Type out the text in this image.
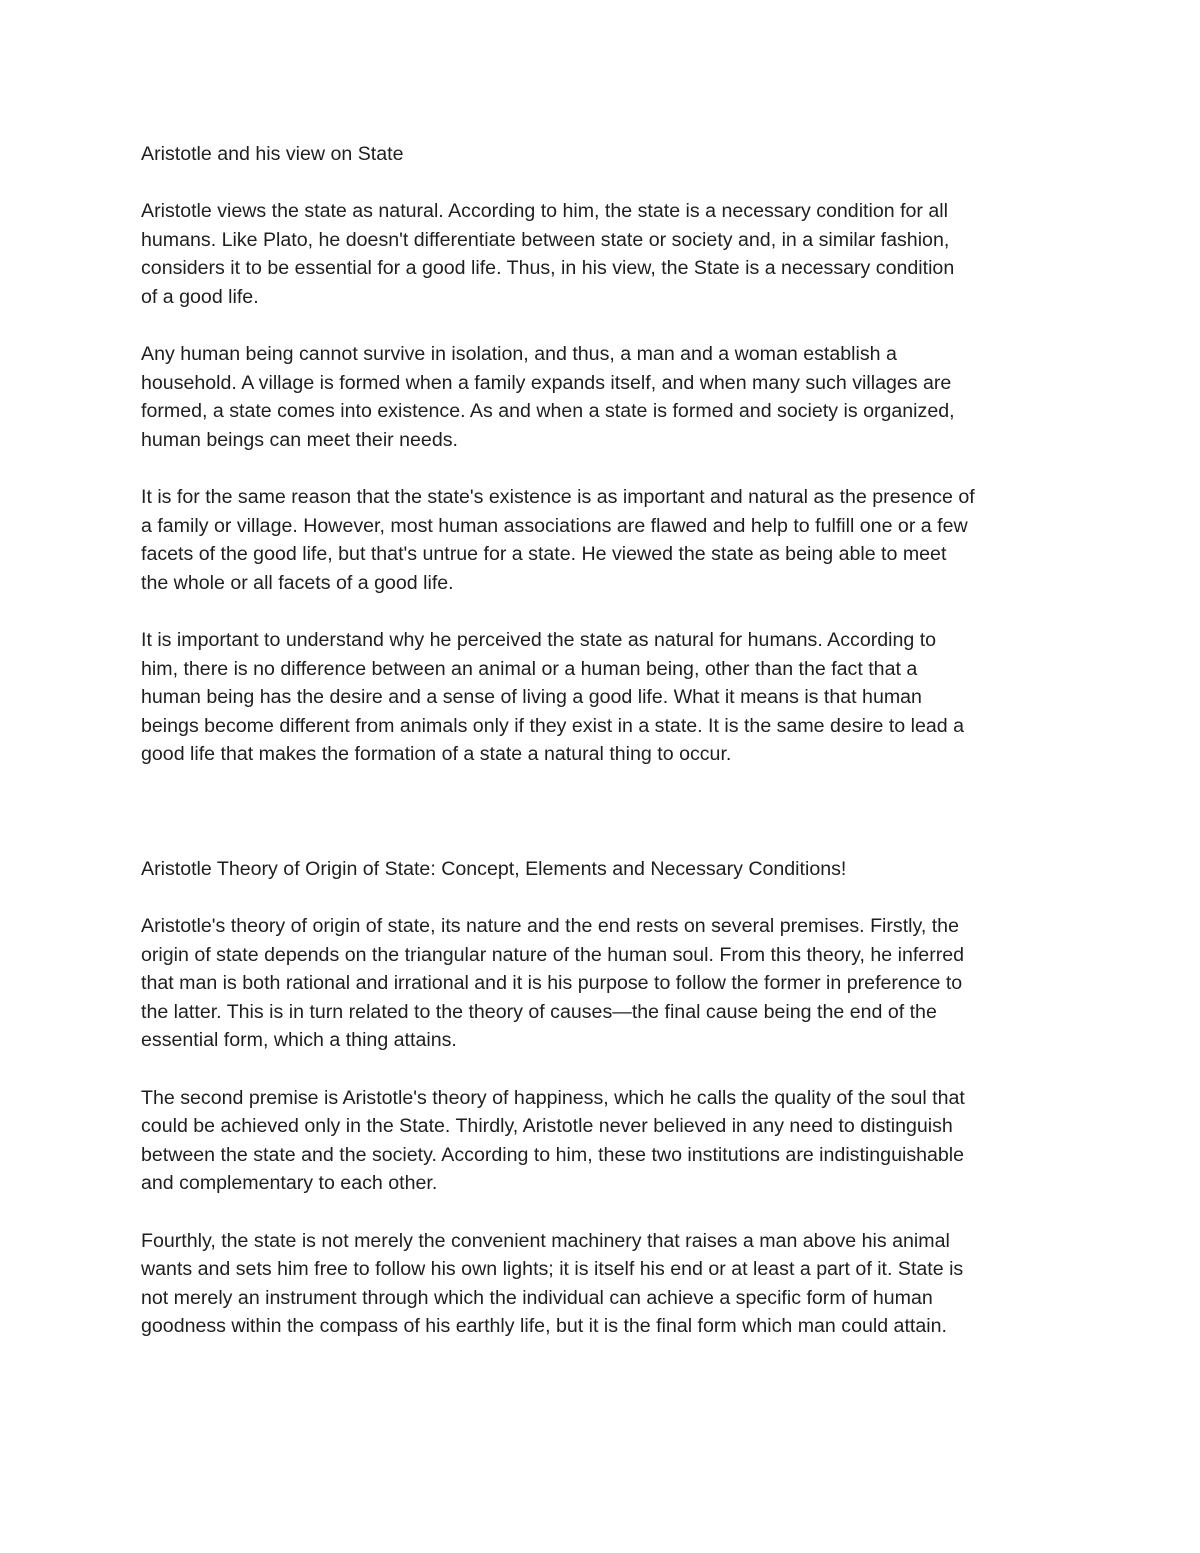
Aristotle and his view on State

Aristotle views the state as natural. According to him, the state is a necessary condition for all
humans. Like Plato, he doesn't differentiate between state or society and, in a similar fashion,
considers it to be essential for a good life. Thus, in his view, the State is a necessary condition
of a good life.

Any human being cannot survive in isolation, and thus, a man and a woman establish a
household. A village is formed when a family expands itself, and when many such villages are
formed, a state comes into existence. As and when a state is formed and society is organized,
human beings can meet their needs.

It is for the same reason that the state's existence is as important and natural as the presence of
a family or village. However, most human associations are flawed and help to fulfill one or a few
facets of the good life, but that's untrue for a state. He viewed the state as being able to meet
the whole or all facets of a good life.

It is important to understand why he perceived the state as natural for humans. According to
him, there is no difference between an animal or a human being, other than the fact that a
human being has the desire and a sense of living a good life. What it means is that human
beings become different from animals only if they exist in a state. It is the same desire to lead a
good life that makes the formation of a state a natural thing to occur.

Aristotle Theory of Origin of State: Concept, Elements and Necessary Conditions!

Aristotle's theory of origin of state, its nature and the end rests on several premises. Firstly, the
origin of state depends on the triangular nature of the human soul. From this theory, he inferred
that man is both rational and irrational and it is his purpose to follow the former in preference to
the latter. This is in turn related to the theory of causes—the final cause being the end of the
essential form, which a thing attains.

The second premise is Aristotle's theory of happiness, which he calls the quality of the soul that
could be achieved only in the State. Thirdly, Aristotle never believed in any need to distinguish
between the state and the society. According to him, these two institutions are indistinguishable
and complementary to each other.

Fourthly, the state is not merely the convenient machinery that raises a man above his animal
wants and sets him free to follow his own lights; it is itself his end or at least a part of it. State is
not merely an instrument through which the individual can achieve a specific form of human
goodness within the compass of his earthly life, but it is the final form which man could attain.
